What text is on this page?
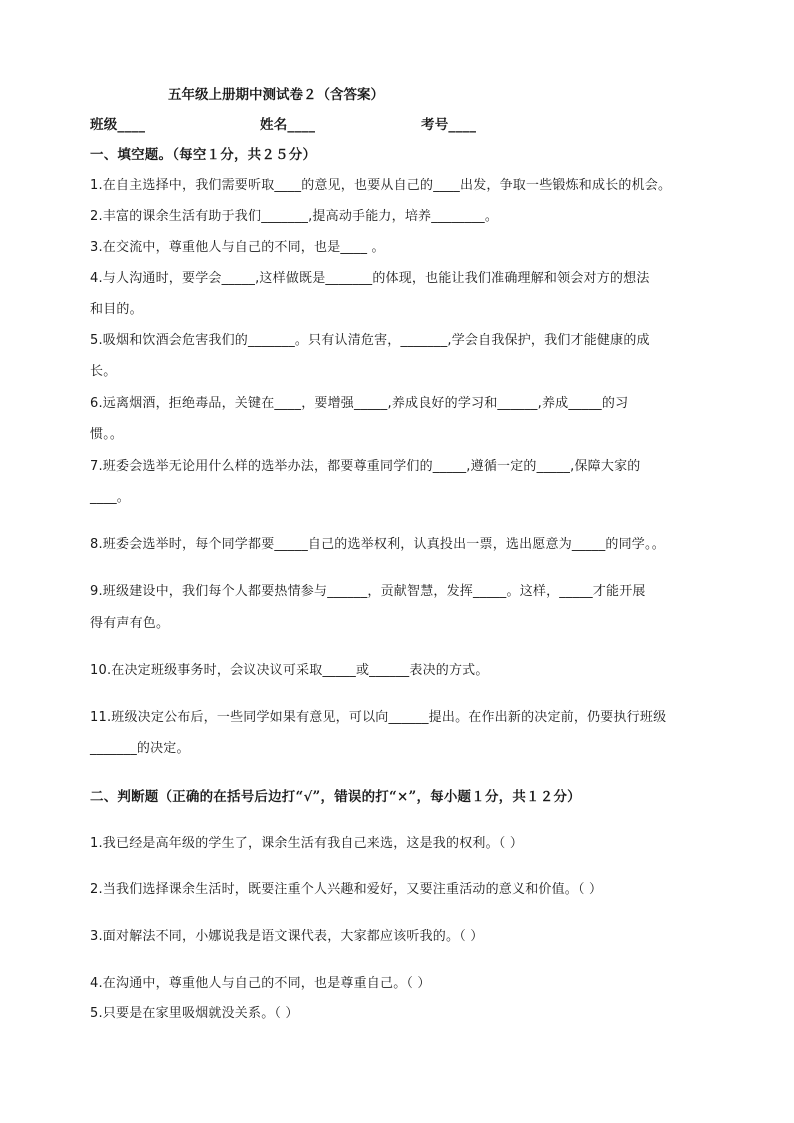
五年级上册期中测试卷２（含答案）
班级____	姓名____	考号____
一、填空题。（每空１分，共２５分）
1.在自主选择中，我们需要听取____的意见，也要从自己的____出发，争取一些锻炼和成长的机会。
2.丰富的课余生活有助于我们_______,提高动手能力，培养________。
3.在交流中，尊重他人与自己的不同，也是____ 。
4.与人沟通时，要学会_____,这样做既是_______的体现，也能让我们准确理解和领会对方的想法
和目的。
5.吸烟和饮酒会危害我们的_______。只有认清危害，_______,学会自我保护，我们才能健康的成
长。
6.远离烟酒，拒绝毒品，关键在____，要增强_____,养成良好的学习和______,养成_____的习
惯。。
7.班委会选举无论用什么样的选举办法，都要尊重同学们的_____,遵循一定的_____,保障大家的
____。
8.班委会选举时，每个同学都要_____自己的选举权利，认真投出一票，选出愿意为_____的同学。。
9.班级建设中，我们每个人都要热情参与______，贡献智慧，发挥_____。这样，_____才能开展
得有声有色。
10.在决定班级事务时，会议决议可采取_____或______表决的方式。
11.班级决定公布后，一些同学如果有意见，可以向______提出。在作出新的决定前，仍要执行班级
_______的决定。
二、判断题（正确的在括号后边打“√”，错误的打“×”，每小题１分，共１２分）
1.我已经是高年级的学生了，课余生活有我自己来选，这是我的权利。（ ）
2.当我们选择课余生活时，既要注重个人兴趣和爱好，又要注重活动的意义和价值。（ ）
3.面对解法不同，小娜说我是语文课代表，大家都应该听我的。（ ）
4.在沟通中，尊重他人与自己的不同，也是尊重自己。（ ）
5.只要是在家里吸烟就没关系。（ ）
